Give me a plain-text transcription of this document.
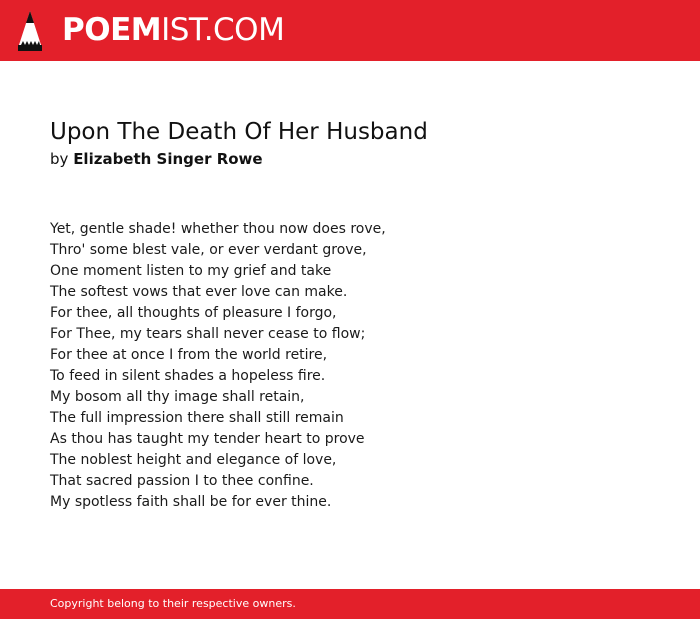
POEMIST.COM
Upon The Death Of Her Husband
by Elizabeth Singer Rowe
Yet, gentle shade! whether thou now does rove,
Thro' some blest vale, or ever verdant grove,
One moment listen to my grief and take
The softest vows that ever love can make.
For thee, all thoughts of pleasure I forgo,
For Thee, my tears shall never cease to flow;
For thee at once I from the world retire,
To feed in silent shades a hopeless fire.
My bosom all thy image shall retain,
The full impression there shall still remain
As thou has taught my tender heart to prove
The noblest height and elegance of love,
That sacred passion I to thee confine.
My spotless faith shall be for ever thine.
Copyright belong to their respective owners.
